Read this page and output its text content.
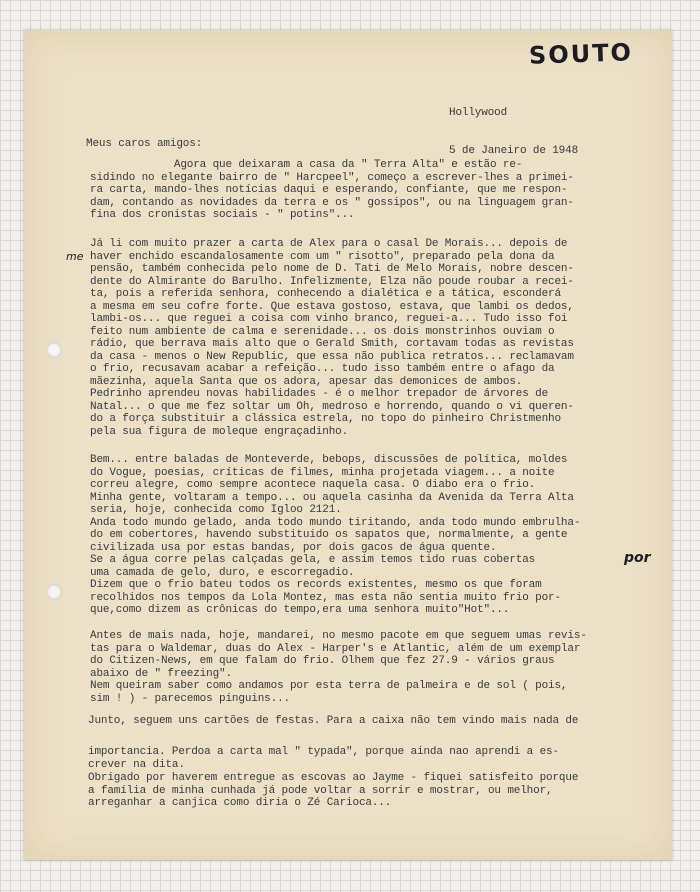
SOUTO
me
por

Hollywood

5 de Janeiro de 1948

Meus caros amigos:
Agora que deixaram a casa da " Terra Alta" e estão re-
sidindo no elegante bairro de " Harcpeel", começo a escrever-lhes a primei-
ra carta, mando-lhes notícias daqui e esperando, confiante, que me respon-
dam, contando as novidades da terra e os " gossipos", ou na linguagem gran-
fina dos cronistas sociais - " potins"...
Já li com muito prazer a carta de Alex para o casal De Morais... depois de
haver enchido escandalosamente com um " risotto", preparado pela dona da
pensão, também conhecida pelo nome de D. Tati de Melo Morais, nobre descen-
dente do Almirante do Barulho. Infelizmente, Elza não poude roubar a recei-
ta, pois a referida senhora, conhecendo a dialética e a tática, esconderá
a mesma em seu cofre forte. Que estava gostoso, estava, que lambi os dedos,
lambi-os... que reguei a coisa com vinho branco, reguei-a... Tudo isso foi
feito num ambiente de calma e serenidade... os dois monstrinhos ouviam o
rádio, que berrava mais alto que o Gerald Smith, cortavam todas as revistas
da casa - menos o New Republic, que essa não publica retratos... reclamavam
o frio, recusavam acabar a refeição... tudo isso também entre o afago da
mãezinha, aquela Santa que os adora, apesar das demonices de ambos.
Pedrinho aprendeu novas habilidades - é o melhor trepador de árvores de
Natal... o que me fez soltar um Oh, medroso e horrendo, quando o vi queren-
do a força substituir a clássica estrela, no topo do pinheiro Christmenho
pela sua figura de moleque engraçadinho.
Bem... entre baladas de Monteverde, bebops, discussões de política, moldes
do Vogue, poesias, críticas de filmes, minha projetada viagem... a noite
correu alegre, como sempre acontece naquela casa. O diabo era o frio.
Minha gente, voltaram a tempo... ou aquela casinha da Avenida da Terra Alta
seria, hoje, conhecida como Igloo 2121.
Anda todo mundo gelado, anda todo mundo tiritando, anda todo mundo embrulha-
do em cobertores, havendo substituido os sapatos que, normalmente, a gente
civilizada usa por estas bandas, por dois gacos de água quente.
Se a água corre pelas calçadas gela, e assim temos tido ruas cobertas
uma camada de gelo, duro, e escorregadio.
Dizem que o frio bateu todos os records existentes, mesmo os que foram
recolhidos nos tempos da Lola Montez, mas esta não sentia muito frio por-
que,como dizem as crônicas do tempo,era uma senhora muito"Hot"...
Antes de mais nada, hoje, mandarei, no mesmo pacote em que seguem umas revis-
tas para o Waldemar, duas do Alex - Harper's e Atlantic, além de um exemplar
do Citizen-News, em que falam do frio. Olhem que fez 27.9 - vários graus
abaixo de " freezing".
Nem queiram saber como andamos por esta terra de palmeira e de sol ( pois,
sim ! ) - parecemos pinguins...
Junto, seguem uns cartões de festas. Para a caixa não tem vindo mais nada de
importancia. Perdoa a carta mal " typada", porque ainda nao aprendi a es-
crever na dita.
Obrigado por haverem entregue as escovas ao Jayme - fiquei satisfeito porque
a família de minha cunhada já pode voltar a sorrir e mostrar, ou melhor,
arreganhar a canjica como diria o Zé Carioca...
